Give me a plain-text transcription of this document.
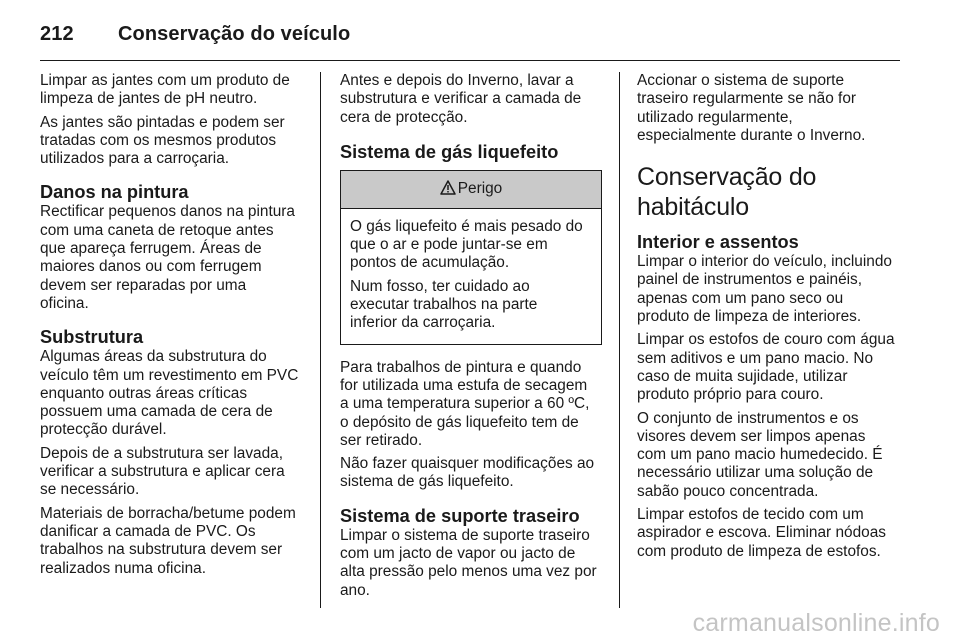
212	Conservação do veículo

Limpar as jantes com um produto de
limpeza de jantes de pH neutro.

As jantes são pintadas e podem ser
tratadas com os mesmos produtos
utilizados para a carroçaria.

Danos na pintura

Rectificar pequenos danos na pintura
com uma caneta de retoque antes
que apareça ferrugem. Áreas de
maiores danos ou com ferrugem
devem ser reparadas por uma
oficina.

Substrutura

Algumas áreas da substrutura do
veículo têm um revestimento em PVC
enquanto outras áreas críticas
possuem uma camada de cera de
protecção durável.

Depois de a substrutura ser lavada,
verificar a substrutura e aplicar cera
se necessário.

Materiais de borracha/betume podem
danificar a camada de PVC. Os
trabalhos na substrutura devem ser
realizados numa oficina.

Antes e depois do Inverno, lavar a
substrutura e verificar a camada de
cera de protecção.

Sistema de gás liquefeito
Perigo

O gás liquefeito é mais pesado do
que o ar e pode juntar-se em
pontos de acumulação.

Num fosso, ter cuidado ao
executar trabalhos na parte
inferior da carroçaria.

Para trabalhos de pintura e quando
for utilizada uma estufa de secagem
a uma temperatura superior a 60 ºC,
o depósito de gás liquefeito tem de
ser retirado.

Não fazer quaisquer modificações ao
sistema de gás liquefeito.

Sistema de suporte traseiro

Limpar o sistema de suporte traseiro
com um jacto de vapor ou jacto de
alta pressão pelo menos uma vez por
ano.

Accionar o sistema de suporte
traseiro regularmente se não for
utilizado regularmente,
especialmente durante o Inverno.

Conservação do
habitáculo
Interior e assentos

Limpar o interior do veículo, incluindo
painel de instrumentos e painéis,
apenas com um pano seco ou
produto de limpeza de interiores.

Limpar os estofos de couro com água
sem aditivos e um pano macio. No
caso de muita sujidade, utilizar
produto próprio para couro.

O conjunto de instrumentos e os
visores devem ser limpos apenas
com um pano macio humedecido. É
necessário utilizar uma solução de
sabão pouco concentrada.

Limpar estofos de tecido com um
aspirador e escova. Eliminar nódoas
com produto de limpeza de estofos.

carmanualsonline.info
